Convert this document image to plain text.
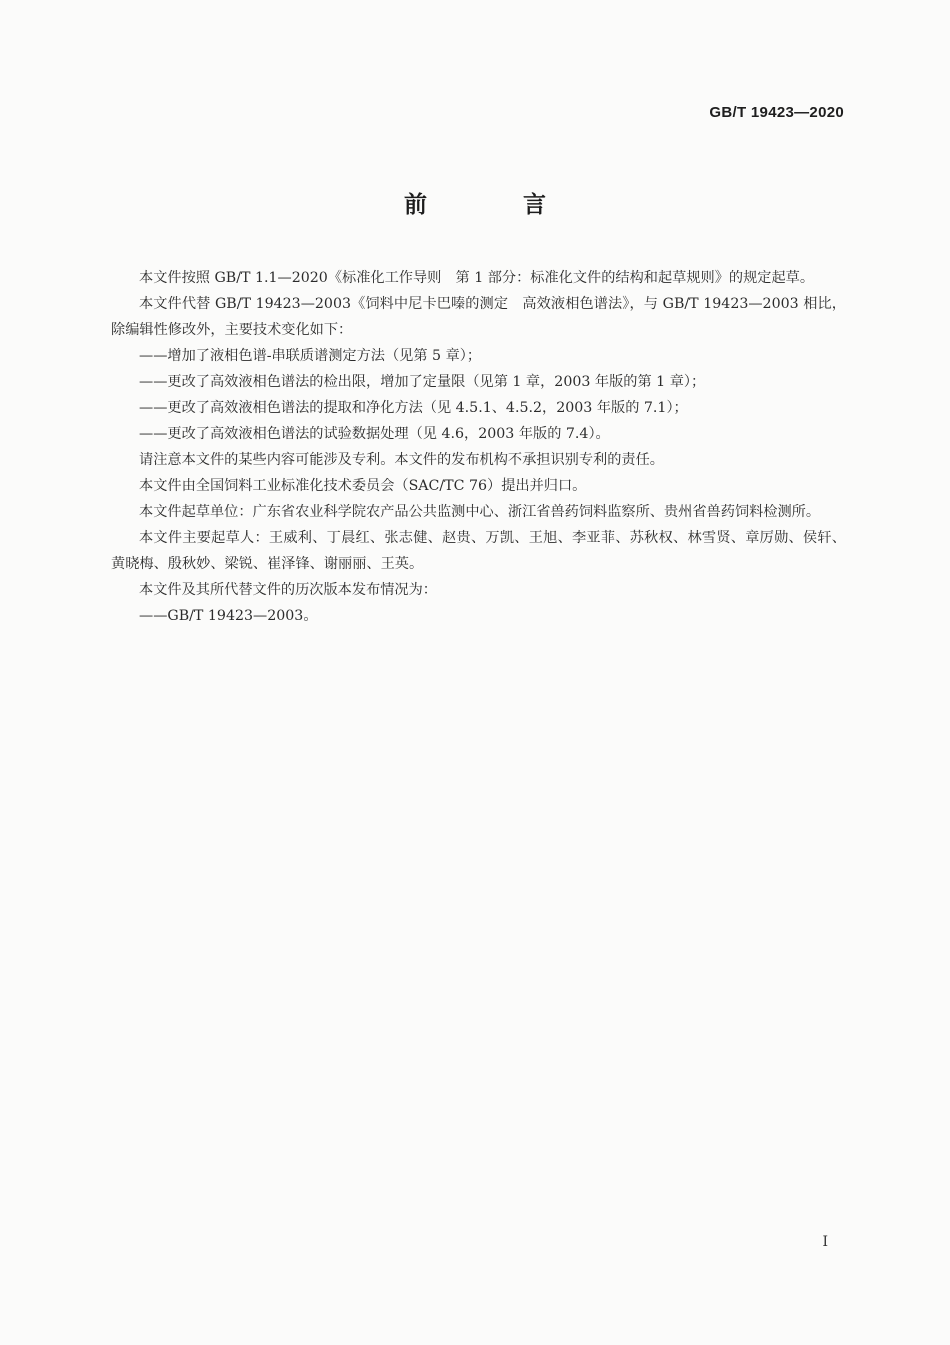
GB/T 19423—2020
前 言

本文件按照 GB/T 1.1—2020《标准化工作导则　第 1 部分：标准化文件的结构和起草规则》的规定起草。

本文件代替 GB/T 19423—2003《饲料中尼卡巴嗪的测定　高效液相色谱法》，与 GB/T 19423—2003 相比，除编辑性修改外，主要技术变化如下：

——增加了液相色谱-串联质谱测定方法（见第 5 章）；

——更改了高效液相色谱法的检出限，增加了定量限（见第 1 章，2003 年版的第 1 章）；

——更改了高效液相色谱法的提取和净化方法（见 4.5.1、4.5.2，2003 年版的 7.1）；

——更改了高效液相色谱法的试验数据处理（见 4.6，2003 年版的 7.4）。

请注意本文件的某些内容可能涉及专利。本文件的发布机构不承担识别专利的责任。

本文件由全国饲料工业标准化技术委员会（SAC/TC 76）提出并归口。

本文件起草单位：广东省农业科学院农产品公共监测中心、浙江省兽药饲料监察所、贵州省兽药饲料检测所。

本文件主要起草人：王威利、丁晨红、张志健、赵贵、万凯、王旭、李亚菲、苏秋权、林雪贤、章厉勋、侯轩、黄晓梅、殷秋妙、梁锐、崔泽锋、谢丽丽、王英。

本文件及其所代替文件的历次版本发布情况为：

——GB/T 19423—2003。

I
